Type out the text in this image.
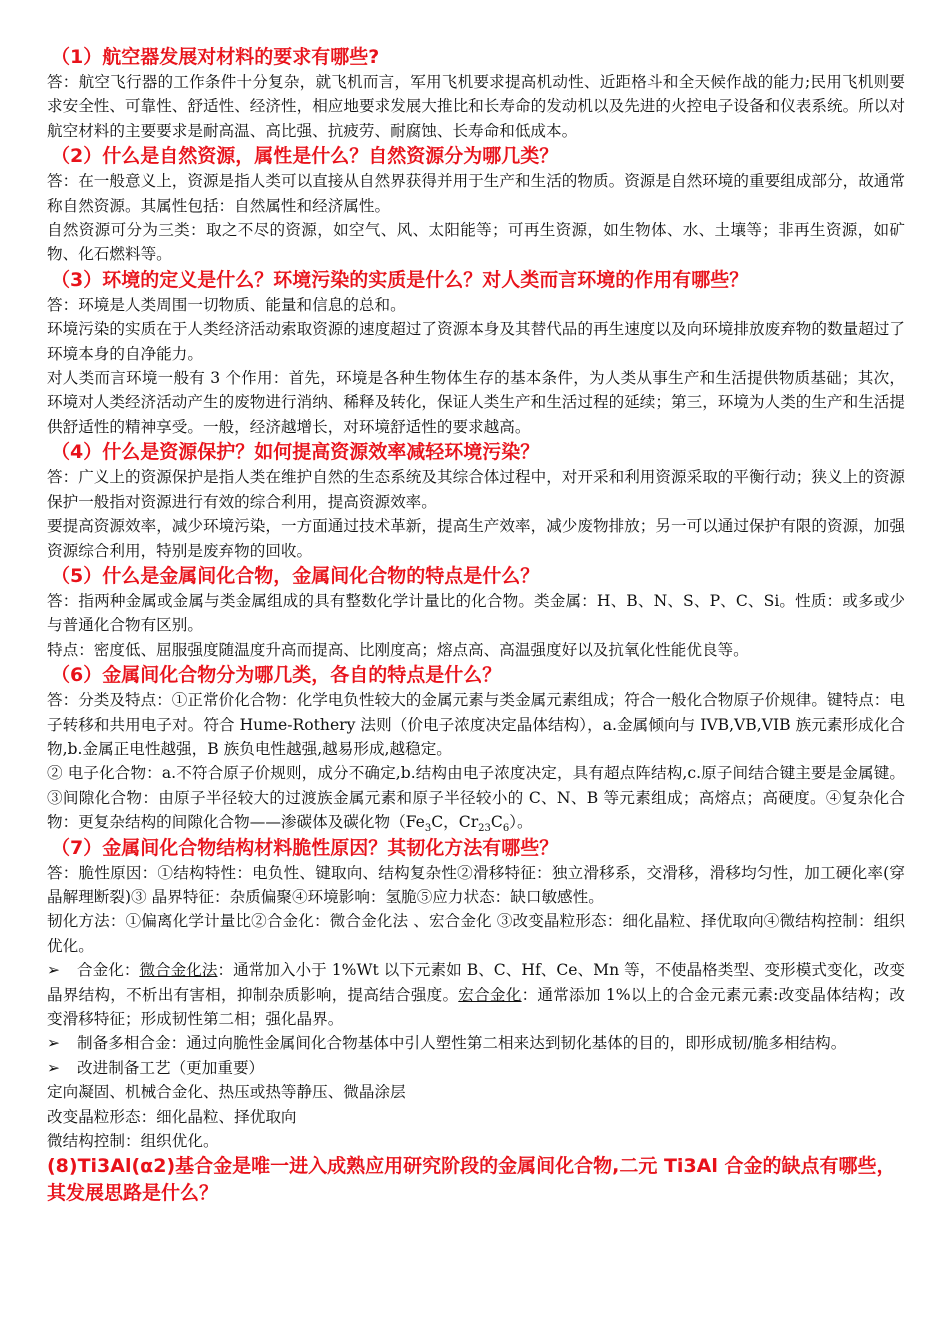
（1）航空器发展对材料的要求有哪些?

答：航空飞行器的工作条件十分复杂，就飞机而言，军用飞机要求提高机动性、近距格斗和全天候作战的能力;民用飞机则要求安全性、可靠性、舒适性、经济性，相应地要求发展大推比和长寿命的发动机以及先进的火控电子设备和仪表系统。所以对航空材料的主要要求是耐高温、高比强、抗疲劳、耐腐蚀、长寿命和低成本。

（2）什么是自然资源，属性是什么？自然资源分为哪几类？

答：在一般意义上，资源是指人类可以直接从自然界获得并用于生产和生活的物质。资源是自然环境的重要组成部分，故通常称自然资源。其属性包括：自然属性和经济属性。

自然资源可分为三类：取之不尽的资源，如空气、风、太阳能等；可再生资源，如生物体、水、土壤等；非再生资源，如矿物、化石燃料等。

（3）环境的定义是什么？环境污染的实质是什么？对人类而言环境的作用有哪些？

答：环境是人类周围一切物质、能量和信息的总和。

环境污染的实质在于人类经济活动索取资源的速度超过了资源本身及其替代品的再生速度以及向环境排放废弃物的数量超过了环境本身的自净能力。

对人类而言环境一般有 3 个作用：首先，环境是各种生物体生存的基本条件，为人类从事生产和生活提供物质基础；其次，环境对人类经济活动产生的废物进行消纳、稀释及转化，保证人类生产和生活过程的延续；第三，环境为人类的生产和生活提供舒适性的精神享受。一般，经济越增长，对环境舒适性的要求越高。

（4）什么是资源保护？如何提高资源效率减轻环境污染？

答：广义上的资源保护是指人类在维护自然的生态系统及其综合体过程中，对开采和利用资源采取的平衡行动；狭义上的资源保护一般指对资源进行有效的综合利用，提高资源效率。

要提高资源效率，减少环境污染，一方面通过技术革新，提高生产效率，减少废物排放；另一可以通过保护有限的资源，加强资源综合利用，特别是废弃物的回收。

（5）什么是金属间化合物，金属间化合物的特点是什么？

答：指两种金属或金属与类金属组成的具有整数化学计量比的化合物。类金属：H、B、N、S、P、C、Si。性质：或多或少与普通化合物有区别。

特点：密度低、屈服强度随温度升高而提高、比刚度高；熔点高、高温强度好以及抗氧化性能优良等。

（6）金属间化合物分为哪几类，各自的特点是什么？

答：分类及特点：①正常价化合物：化学电负性较大的金属元素与类金属元素组成；符合一般化合物原子价规律。键特点：电子转移和共用电子对。符合 Hume-Rothery 法则（价电子浓度决定晶体结构），a.金属倾向与 IVB,VB,VIB 族元素形成化合物,b.金属正电性越强，B 族负电性越强,越易形成,越稳定。

② 电子化合物：a.不符合原子价规则，成分不确定,b.结构由电子浓度决定，具有超点阵结构,c.原子间结合键主要是金属键。③间隙化合物：由原子半径较大的过渡族金属元素和原子半径较小的 C、N、B 等元素组成；高熔点；高硬度。④复杂化合物：更复杂结构的间隙化合物——渗碳体及碳化物（$Fe_3C$，$Cr_{23}C_6$）。

（7）金属间化合物结构材料脆性原因？其韧化方法有哪些？

答：脆性原因：①结构特性：电负性、键取向、结构复杂性②滑移特征：独立滑移系，交滑移，滑移均匀性，加工硬化率(穿晶解理断裂)③ 晶界特征：杂质偏聚④环境影响：氢脆⑤应力状态：缺口敏感性。

韧化方法：①偏离化学计量比②合金化：微合金化法 、宏合金化 ③改变晶粒形态：细化晶粒、择优取向④微结构控制：组织优化。

➢ 合金化：微合金化法：通常加入小于 1%Wt 以下元素如 B、C、Hf、Ce、Mn 等，不使晶格类型、变形模式变化，改变晶界结构，不析出有害相，抑制杂质影响，提高结合强度。宏合金化：通常添加 1%以上的合金元素元素:改变晶体结构；改变滑移特征；形成韧性第二相；强化晶界。

➢ 制备多相合金：通过向脆性金属间化合物基体中引人塑性第二相来达到韧化基体的目的，即形成韧/脆多相结构。

➢ 改进制备工艺（更加重要）

定向凝固、机械合金化、热压或热等静压、微晶涂层

改变晶粒形态：细化晶粒、择优取向

微结构控制：组织优化。

(8)Ti3Al(α2)基合金是唯一进入成熟应用研究阶段的金属间化合物,二元 Ti3Al 合金的缺点有哪些，其发展思路是什么？
